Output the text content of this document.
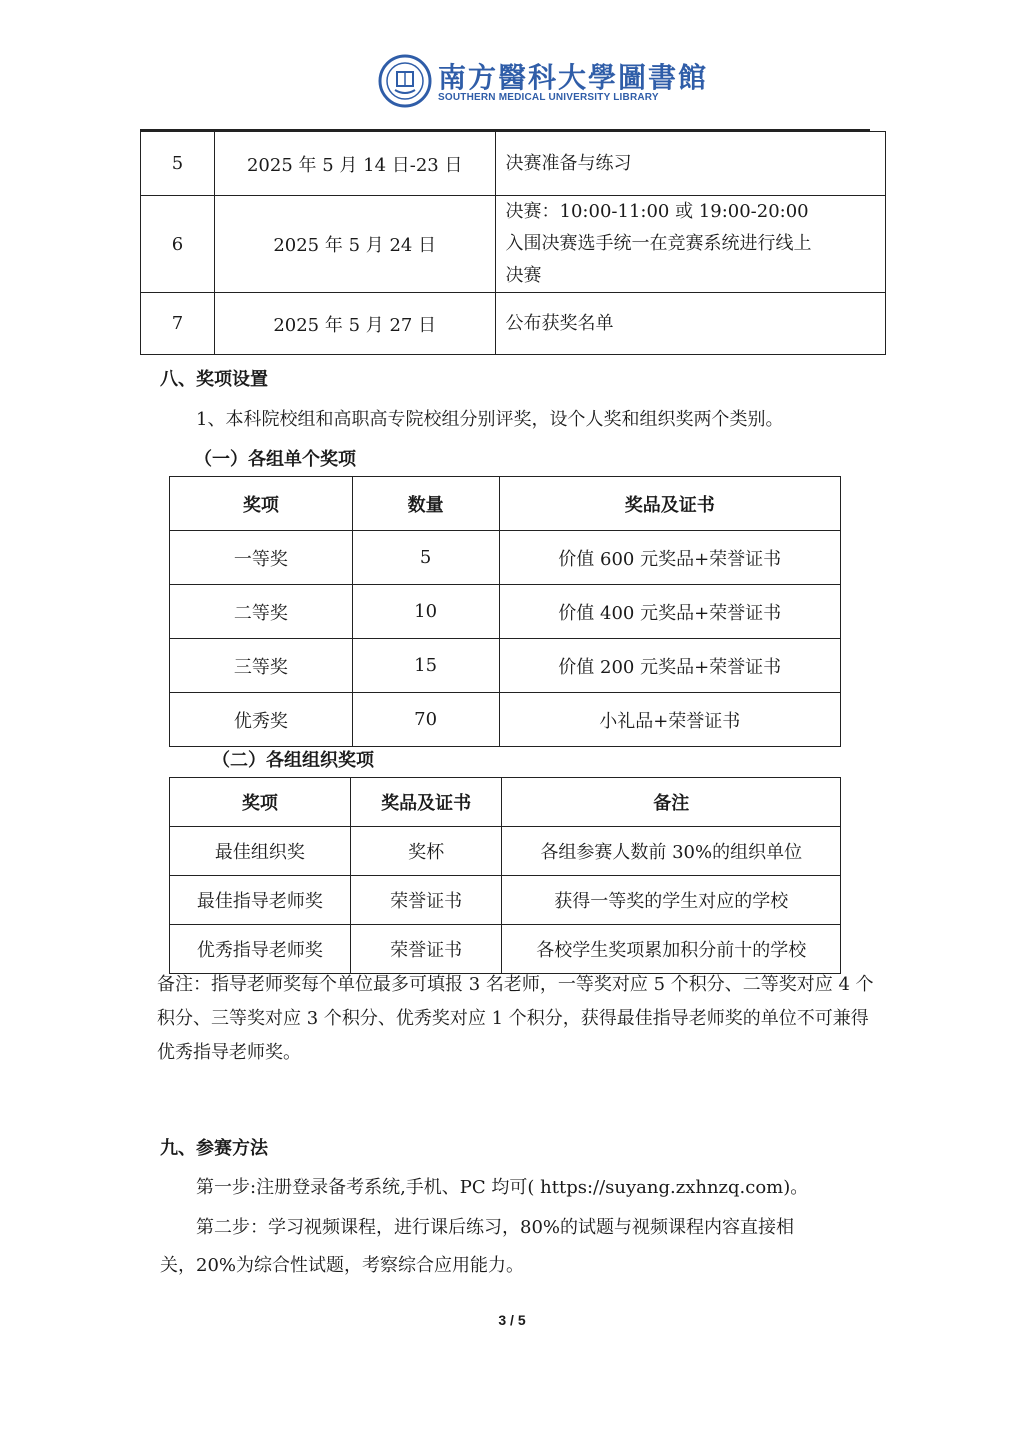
南方醫科大學圖書館
SOUTHERN MEDICAL UNIVERSITY LIBRARY
5	2025 年 5 月 14 日-23 日	决赛准备与练习

6	2025 年 5 月 24 日	决赛：10:00-11:00 或 19:00-20:00
入围决赛选手统一在竞赛系统进行线上
决赛

7	2025 年 5 月 27 日	公布获奖名单
八、奖项设置
1、本科院校组和高职高专院校组分别评奖，设个人奖和组织奖两个类别。
（一）各组单个奖项
奖项	数量	奖品及证书
一等奖	5	价值 600 元奖品+荣誉证书
二等奖	10	价值 400 元奖品+荣誉证书
三等奖	15	价值 200 元奖品+荣誉证书
优秀奖	70	小礼品+荣誉证书
（二）各组组织奖项
奖项	奖品及证书	备注
最佳组织奖	奖杯	各组参赛人数前 30%的组织单位
最佳指导老师奖	荣誉证书	获得一等奖的学生对应的学校
优秀指导老师奖	荣誉证书	各校学生奖项累加积分前十的学校
备注：指导老师奖每个单位最多可填报 3 名老师，一等奖对应 5 个积分、二等奖对应 4 个积分、三等奖对应 3 个积分、优秀奖对应 1 个积分，获得最佳指导老师奖的单位不可兼得优秀指导老师奖。
九、参赛方法
第一步:注册登录备考系统,手机、PC 均可( https://suyang.zxhnzq.com)。
第二步：学习视频课程，进行课后练习，80%的试题与视频课程内容直接相
关，20%为综合性试题，考察综合应用能力。
3 / 5
